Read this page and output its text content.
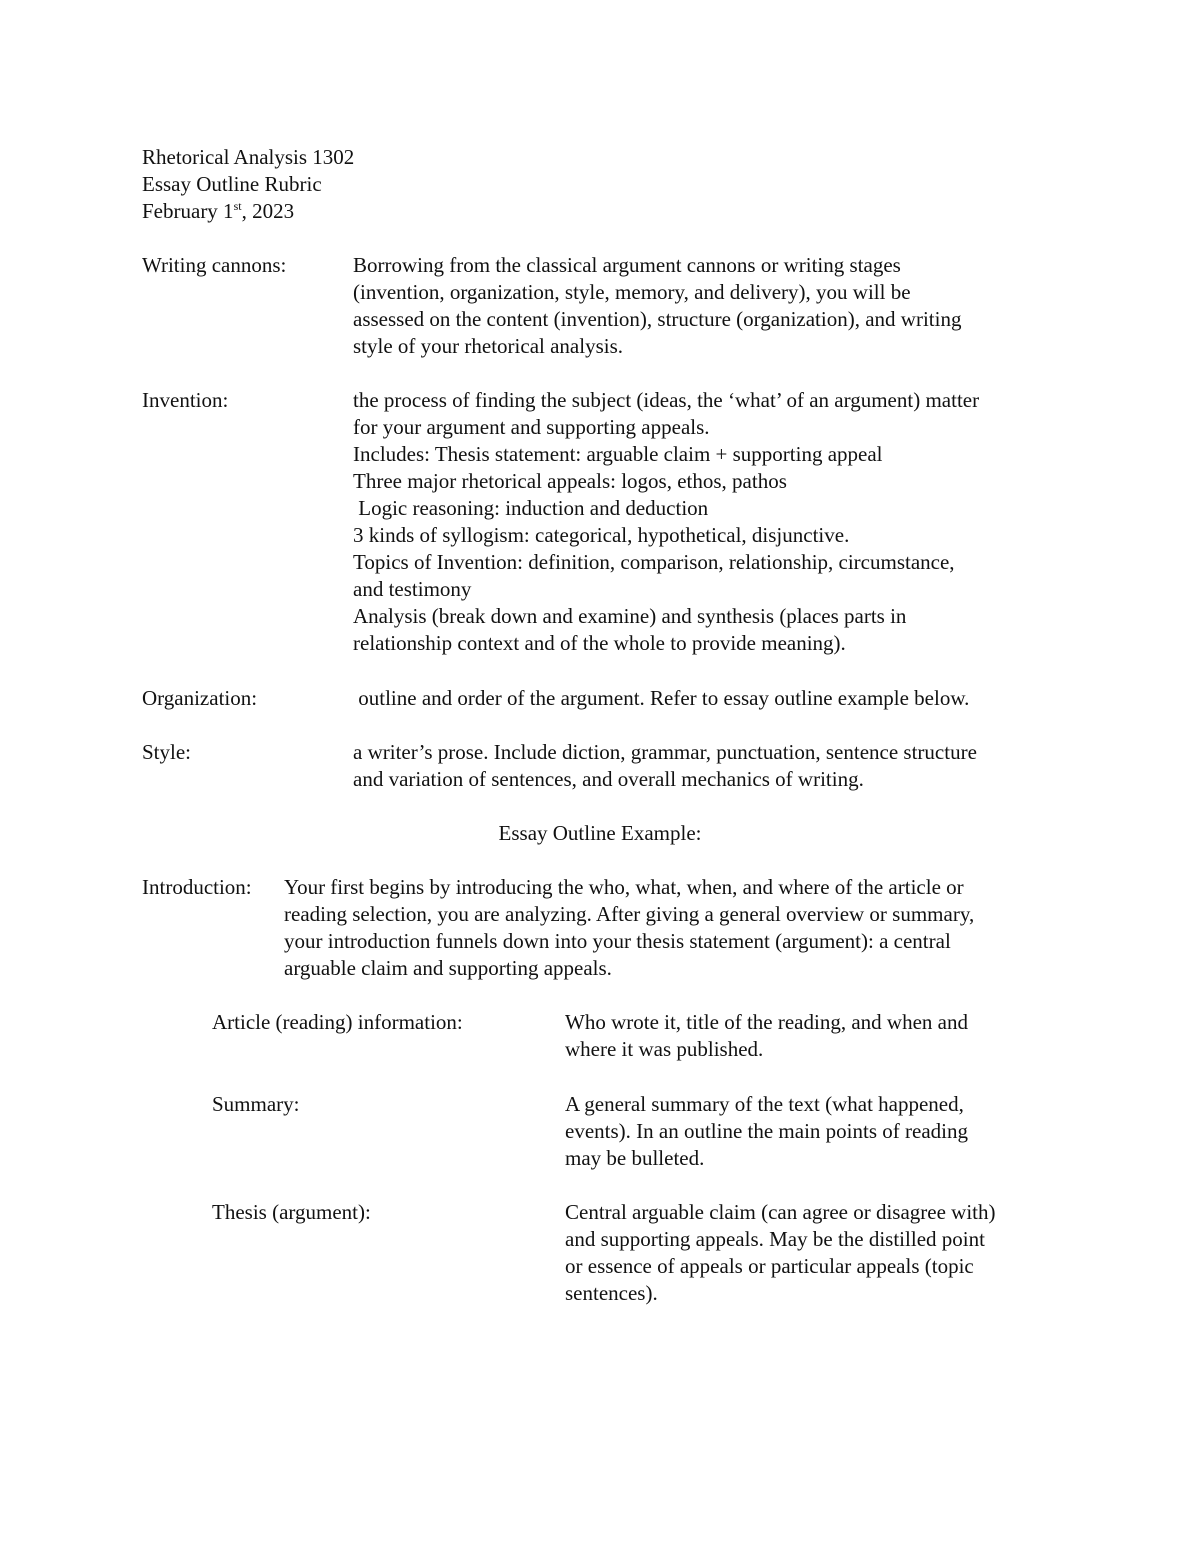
Rhetorical Analysis 1302
Essay Outline Rubric
February 1st, 2023
Writing cannons:	Borrowing from the classical argument cannons or writing stages
(invention, organization, style, memory, and delivery), you will be
assessed on the content (invention), structure (organization), and writing
style of your rhetorical analysis.
Invention:	the process of finding the subject (ideas, the ‘what’ of an argument) matter
for your argument and supporting appeals.
Includes: Thesis statement: arguable claim + supporting appeal
Three major rhetorical appeals: logos, ethos, pathos
Logic reasoning: induction and deduction
3 kinds of syllogism: categorical, hypothetical, disjunctive.
Topics of Invention: definition, comparison, relationship, circumstance,
and testimony
Analysis (break down and examine) and synthesis (places parts in
relationship context and of the whole to provide meaning).
Organization:	outline and order of the argument. Refer to essay outline example below.
Style:	a writer’s prose. Include diction, grammar, punctuation, sentence structure
and variation of sentences, and overall mechanics of writing.
Essay Outline Example:
Introduction: Your first begins by introducing the who, what, when, and where of the article or
reading selection, you are analyzing. After giving a general overview or summary,
your introduction funnels down into your thesis statement (argument): a central
arguable claim and supporting appeals.
Article (reading) information:	Who wrote it, title of the reading, and when and
where it was published.
Summary:	A general summary of the text (what happened,
events). In an outline the main points of reading
may be bulleted.
Thesis (argument):	Central arguable claim (can agree or disagree with)
and supporting appeals. May be the distilled point
or essence of appeals or particular appeals (topic
sentences).
